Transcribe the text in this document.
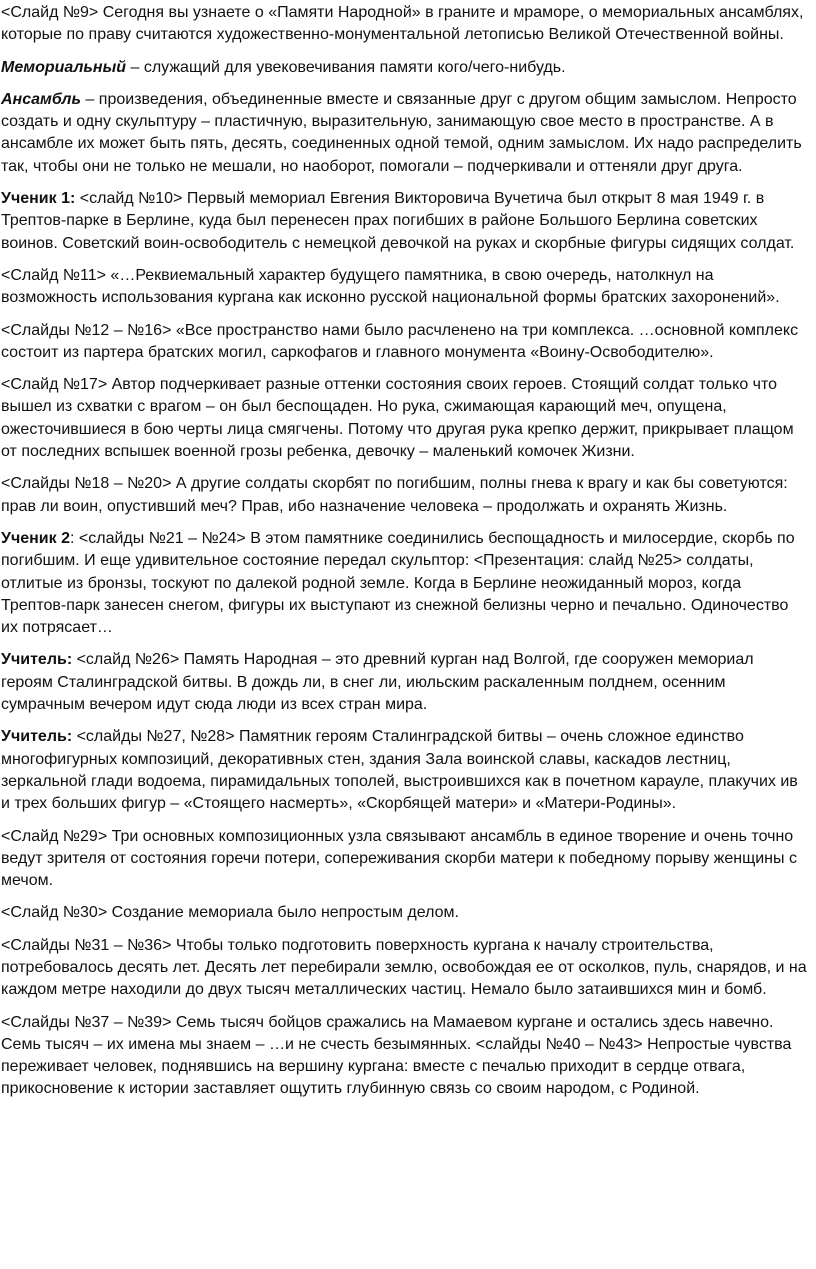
<Слайд №9> Сегодня вы узнаете о «Памяти Народной» в граните и мраморе, о мемориальных ансамблях, которые по праву считаются художественно-монументальной летописью Великой Отечественной войны.

Мемориальный – служащий для увековечивания памяти кого/чего-нибудь.

Ансамбль – произведения, объединенные вместе и связанные друг с другом общим замыслом. Непросто создать и одну скульптуру – пластичную, выразительную, занимающую свое место в пространстве. А в ансамбле их может быть пять, десять, соединенных одной темой, одним замыслом. Их надо распределить так, чтобы они не только не мешали, но наоборот, помогали – подчеркивали и оттеняли друг друга.

Ученик 1: <слайд №10> Первый мемориал Евгения Викторовича Вучетича был открыт 8 мая 1949 г. в Трептов-парке в Берлине, куда был перенесен прах погибших в районе Большого Берлина советских воинов. Советский воин-освободитель с немецкой девочкой на руках и скорбные фигуры сидящих солдат.

<Слайд №11> «…Реквиемальный характер будущего памятника, в свою очередь, натолкнул на возможность использования кургана как исконно русской национальной формы братских захоронений».

<Слайды №12 – №16> «Все пространство нами было расчленено на три комплекса. …основной комплекс состоит из партера братских могил, саркофагов и главного монумента «Воину-Освободителю».

<Слайд №17> Автор подчеркивает разные оттенки состояния своих героев. Стоящий солдат только что вышел из схватки с врагом – он был беспощаден. Но рука, сжимающая карающий меч, опущена, ожесточившиеся в бою черты лица смягчены. Потому что другая рука крепко держит, прикрывает плащом от последних вспышек военной грозы ребенка, девочку – маленький комочек Жизни.

<Слайды №18 – №20> А другие солдаты скорбят по погибшим, полны гнева к врагу и как бы советуются: прав ли воин, опустивший меч? Прав, ибо назначение человека – продолжать и охранять Жизнь.

Ученик 2: <слайды №21 – №24> В этом памятнике соединились беспощадность и милосердие, скорбь по погибшим. И еще удивительное состояние передал скульптор: <Презентация: слайд №25> солдаты, отлитые из бронзы, тоскуют по далекой родной земле. Когда в Берлине неожиданный мороз, когда Трептов-парк занесен снегом, фигуры их выступают из снежной белизны черно и печально. Одиночество их потрясает…

Учитель: <слайд №26> Память Народная – это древний курган над Волгой, где сооружен мемориал героям Сталинградской битвы. В дождь ли, в снег ли, июльским раскаленным полднем, осенним сумрачным вечером идут сюда люди из всех стран мира.

Учитель: <слайды №27, №28> Памятник героям Сталинградской битвы – очень сложное единство многофигурных композиций, декоративных стен, здания Зала воинской славы, каскадов лестниц, зеркальной глади водоема, пирамидальных тополей, выстроившихся как в почетном карауле, плакучих ив и трех больших фигур – «Стоящего насмерть», «Скорбящей матери» и «Матери-Родины».

<Слайд №29> Три основных композиционных узла связывают ансамбль в единое творение и очень точно ведут зрителя от состояния горечи потери, сопереживания скорби матери к победному порыву женщины с мечом.

<Слайд №30> Создание мемориала было непростым делом.

<Слайды №31 – №36> Чтобы только подготовить поверхность кургана к началу строительства, потребовалось десять лет. Десять лет перебирали землю, освобождая ее от осколков, пуль, снарядов, и на каждом метре находили до двух тысяч металлических частиц. Немало было затаившихся мин и бомб.

<Слайды №37 – №39> Семь тысяч бойцов сражались на Мамаевом кургане и остались здесь навечно. Семь тысяч – их имена мы знаем – …и не счесть безымянных. <слайды №40 – №43> Непростые чувства переживает человек, поднявшись на вершину кургана: вместе с печалью приходит в сердце отвага, прикосновение к истории заставляет ощутить глубинную связь со своим народом, с Родиной.
